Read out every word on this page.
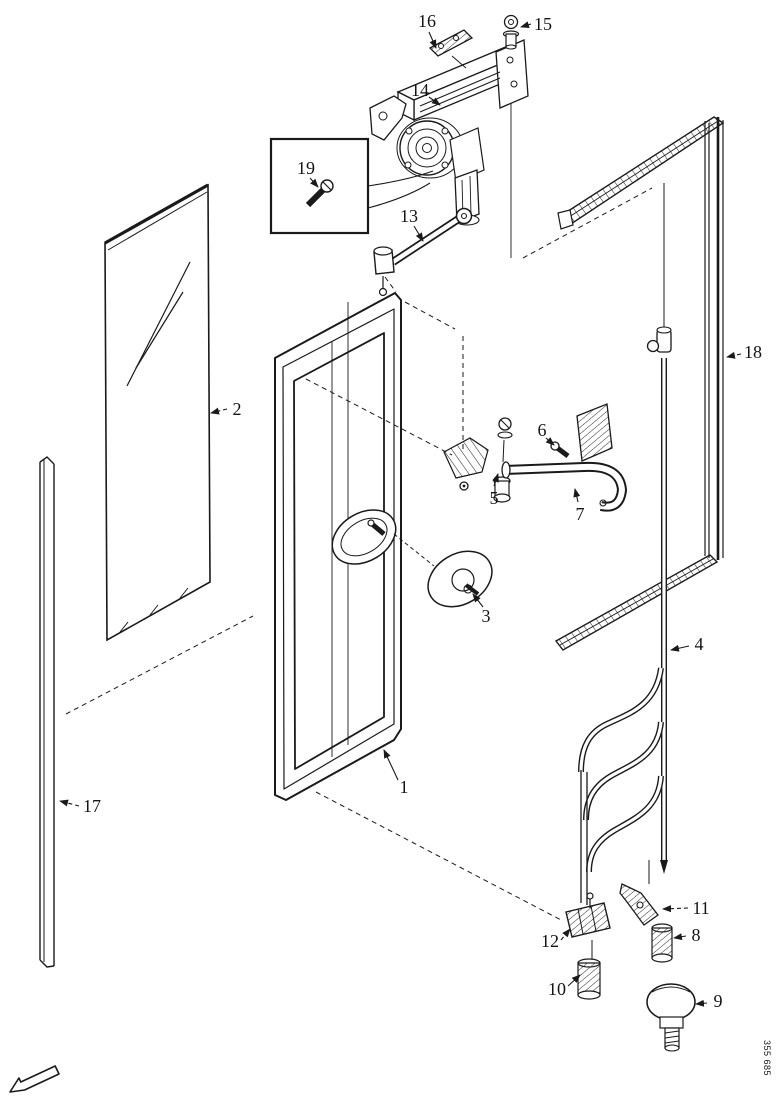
1
2
3
4
5
6
7
8
9
10
11
12
13
14
15
16
17
18
19
355 685
